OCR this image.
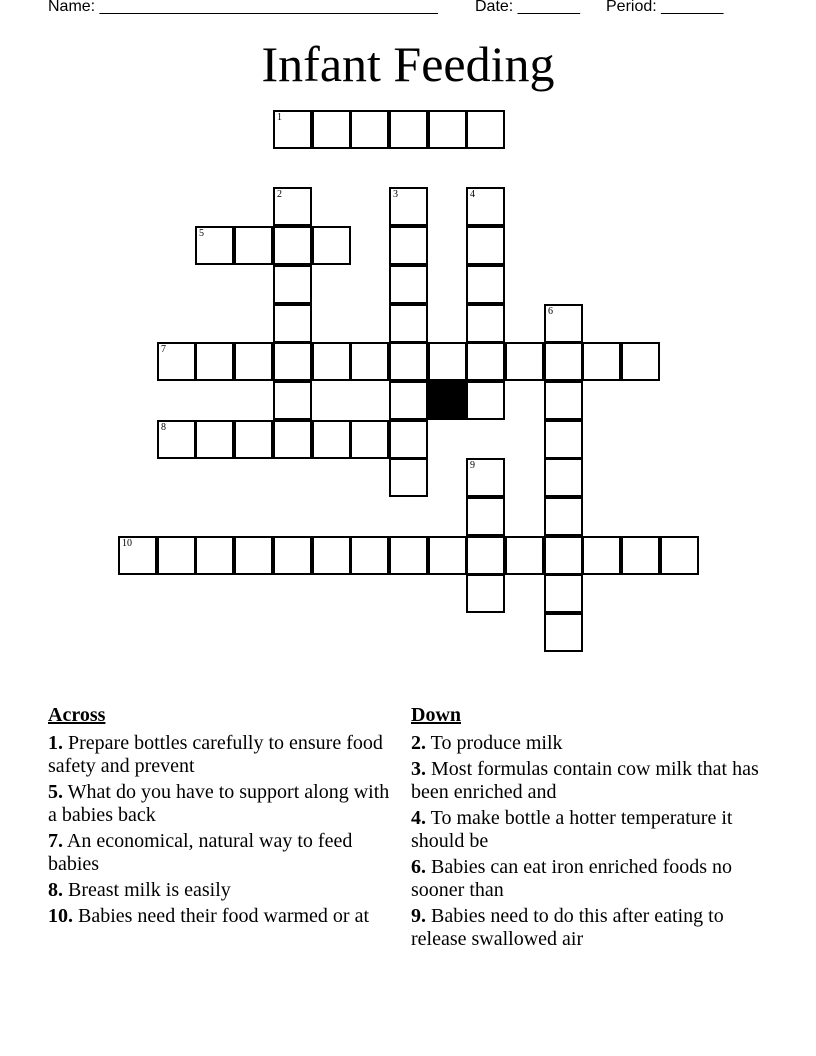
Name: ______________________________________ Date: _______ Period: _______
Infant Feeding
1
2	3	4
5
6
7
8
9
10
Across
1. Prepare bottles carefully to ensure food safety and prevent
5. What do you have to support along with a babies back
7. An economical, natural way to feed babies
8. Breast milk is easily
10. Babies need their food warmed or at
Down
2. To produce milk
3. Most formulas contain cow milk that has been enriched and
4. To make bottle a hotter temperature it should be
6. Babies can eat iron enriched foods no sooner than
9. Babies need to do this after eating to release swallowed air
